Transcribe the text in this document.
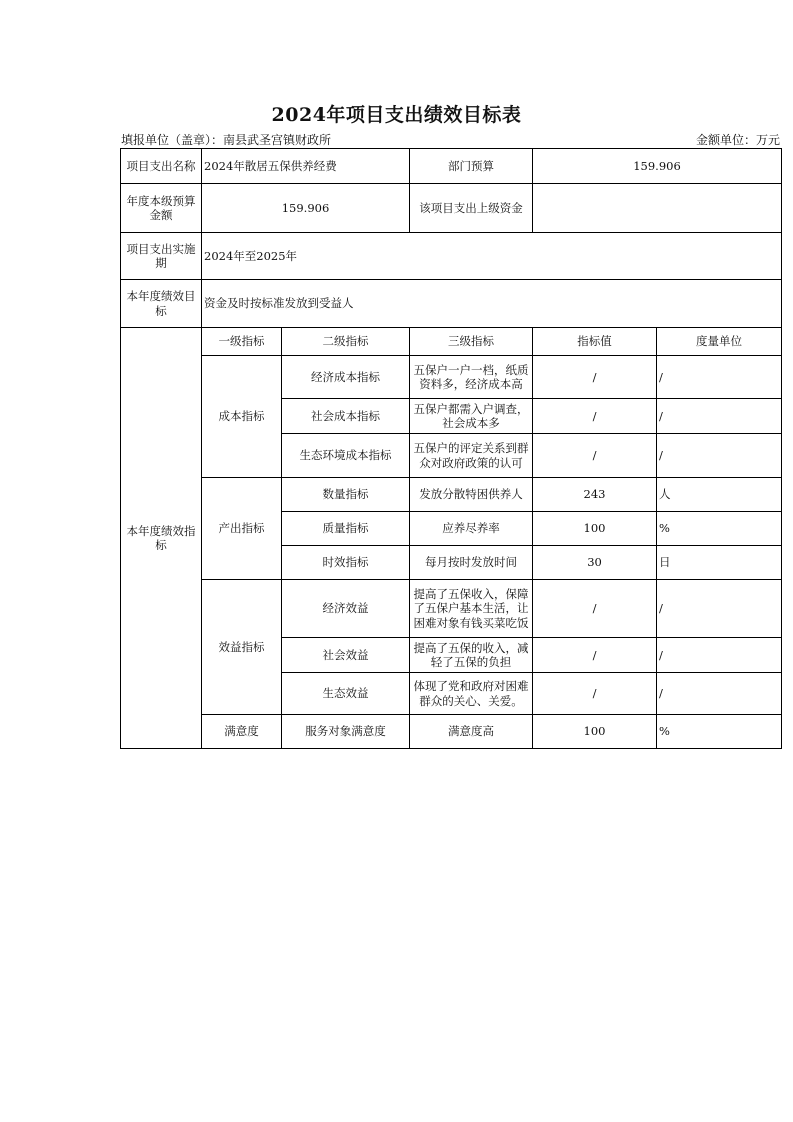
2024年项目支出绩效目标表
填报单位（盖章）：南县武圣宫镇财政所	金额单位：万元
项目支出名称	2024年散居五保供养经费		部门预算	159.906	
年度本级预算金额	159.906		该项目支出上级资金		
项目支出实施期	2024年至2025年				
本年度绩效目标	资金及时按标准发放到受益人				
本年度绩效指标	一级指标	二级指标	三级指标	指标值	度量单位
	成本指标	经济成本指标	五保户一户一档，纸质资料多，经济成本高	/	/
		社会成本指标	五保户都需入户调查，社会成本多	/	/
		生态环境成本指标	五保户的评定关系到群众对政府政策的认可	/	/
	产出指标	数量指标	发放分散特困供养人	243	人
		质量指标	应养尽养率	100	%
		时效指标	每月按时发放时间	30	日
	效益指标	经济效益	提高了五保收入，保障了五保户基本生活，让困难对象有钱买菜吃饭	/	/
		社会效益	提高了五保的收入，减轻了五保的负担	/	/
		生态效益	体现了党和政府对困难群众的关心、关爱。	/	/
	满意度	服务对象满意度	满意度高	100	%
